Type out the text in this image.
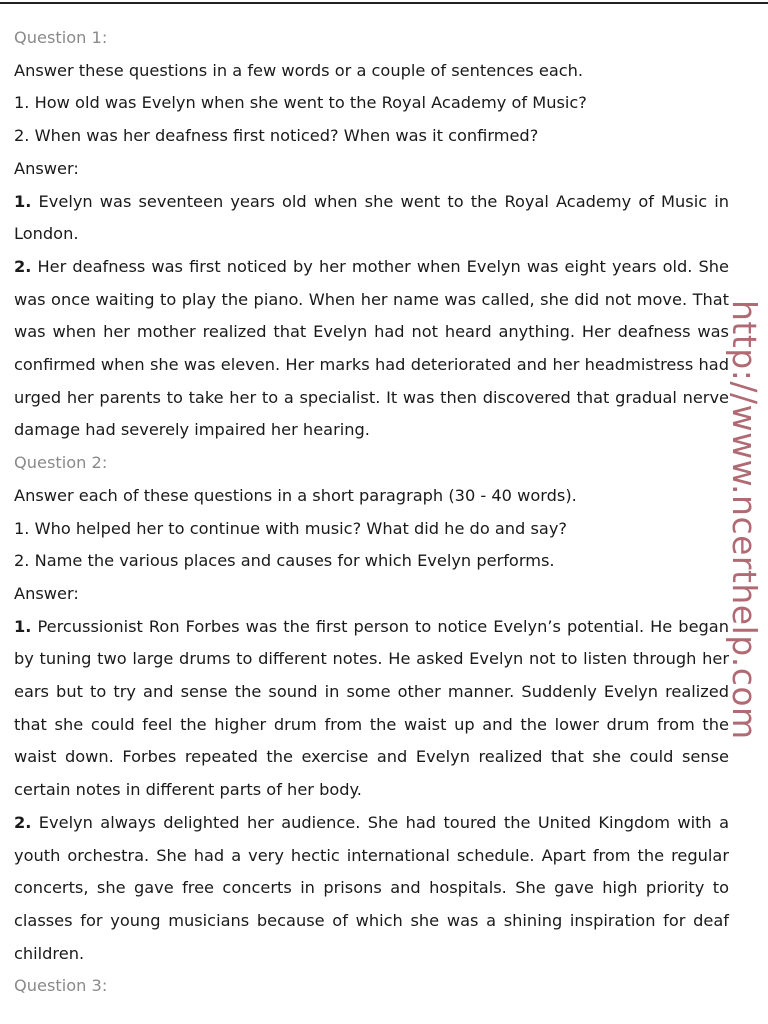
Question 1:

Answer these questions in a few words or a couple of sentences each.

1. How old was Evelyn when she went to the Royal Academy of Music?

2. When was her deafness first noticed? When was it confirmed?

Answer:

1. Evelyn was seventeen years old when she went to the Royal Academy of Music in London.

2. Her deafness was first noticed by her mother when Evelyn was eight years old. She was once waiting to play the piano. When her name was called, she did not move. That was when her mother realized that Evelyn had not heard anything. Her deafness was confirmed when she was eleven. Her marks had deteriorated and her headmistress had urged her parents to take her to a specialist. It was then discovered that gradual nerve damage had severely impaired her hearing.

Question 2:

Answer each of these questions in a short paragraph (30 - 40 words).

1. Who helped her to continue with music? What did he do and say?

2. Name the various places and causes for which Evelyn performs.

Answer:

1. Percussionist Ron Forbes was the first person to notice Evelyn’s potential. He began by tuning two large drums to different notes. He asked Evelyn not to listen through her ears but to try and sense the sound in some other manner. Suddenly Evelyn realized that she could feel the higher drum from the waist up and the lower drum from the waist down. Forbes repeated the exercise and Evelyn realized that she could sense certain notes in different parts of her body.

2. Evelyn always delighted her audience. She had toured the United Kingdom with a youth orchestra. She had a very hectic international schedule. Apart from the regular concerts, she gave free concerts in prisons and hospitals. She gave high priority to classes for young musicians because of which she was a shining inspiration for deaf children.

Question 3:

http://www.ncerthelp.com
